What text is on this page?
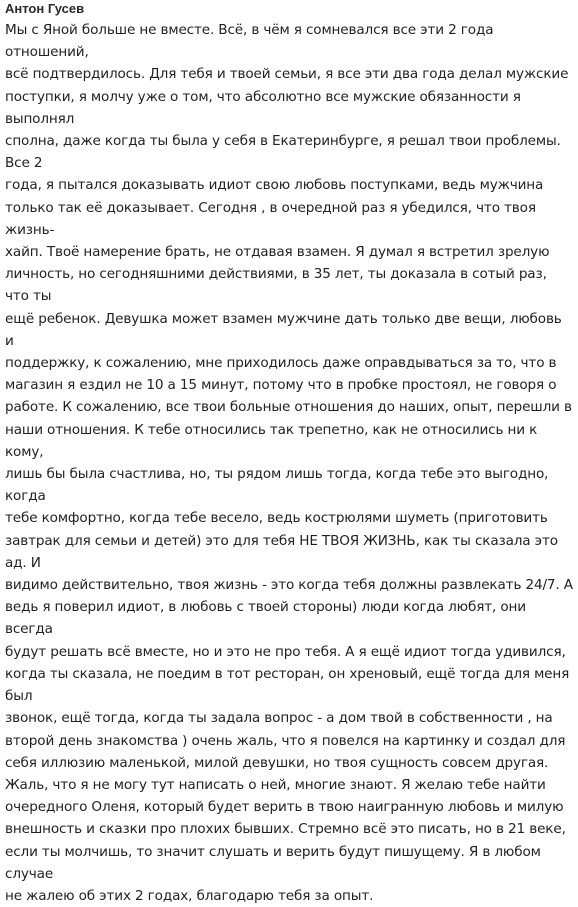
Антон Гусев

Мы с Яной больше не вместе. Всё, в чём я сомневался все эти 2 года отношений,
всё подтвердилось. Для тебя и твоей семьи, я все эти два года делал мужские
поступки, я молчу уже о том, что абсолютно все мужские обязанности я выполнял
сполна, даже когда ты была у себя в Екатеринбурге, я решал твои проблемы. Все 2
года, я пытался доказывать идиот свою любовь поступками, ведь мужчина
только так её доказывает. Сегодня , в очередной раз я убедился, что твоя жизнь-
хайп. Твоё намерение брать, не отдавая взамен. Я думал я встретил зрелую
личность, но сегодняшними действиями, в 35 лет, ты доказала в сотый раз, что ты
ещё ребенок. Девушка может взамен мужчине дать только две вещи, любовь и
поддержку, к сожалению, мне приходилось даже оправдываться за то, что в
магазин я ездил не 10 а 15 минут, потому что в пробке простоял, не говоря о
работе. К сожалению, все твои больные отношения до наших, опыт, перешли в
наши отношения. К тебе относились так трепетно, как не относились ни к кому,
лишь бы была счастлива, но, ты рядом лишь тогда, когда тебе это выгодно, когда
тебе комфортно, когда тебе весело, ведь кострюлями шуметь (приготовить
завтрак для семьи и детей) это для тебя НЕ ТВОЯ ЖИЗНЬ, как ты сказала это ад. И
видимо действительно, твоя жизнь - это когда тебя должны развлекать 24/7. А
ведь я поверил идиот, в любовь с твоей стороны) люди когда любят, они всегда
будут решать всё вместе, но и это не про тебя. А я ещё идиот тогда удивился,
когда ты сказала, не поедим в тот ресторан, он хреновый, ещё тогда для меня был
звонок, ещё тогда, когда ты задала вопрос - а дом твой в собственности , на
второй день знакомства ) очень жаль, что я повелся на картинку и создал для
себя иллюзию маленькой, милой девушки, но твоя сущность совсем другая.
Жаль, что я не могу тут написать о ней, многие знают. Я желаю тебе найти
очередного Оленя, который будет верить в твою наигранную любовь и милую
внешность и сказки про плохих бывших. Стремно всё это писать, но в 21 веке,
если ты молчишь, то значит слушать и верить будут пишущему. Я в любом случае
не жалею об этих 2 годах, благодарю тебя за опыт.
